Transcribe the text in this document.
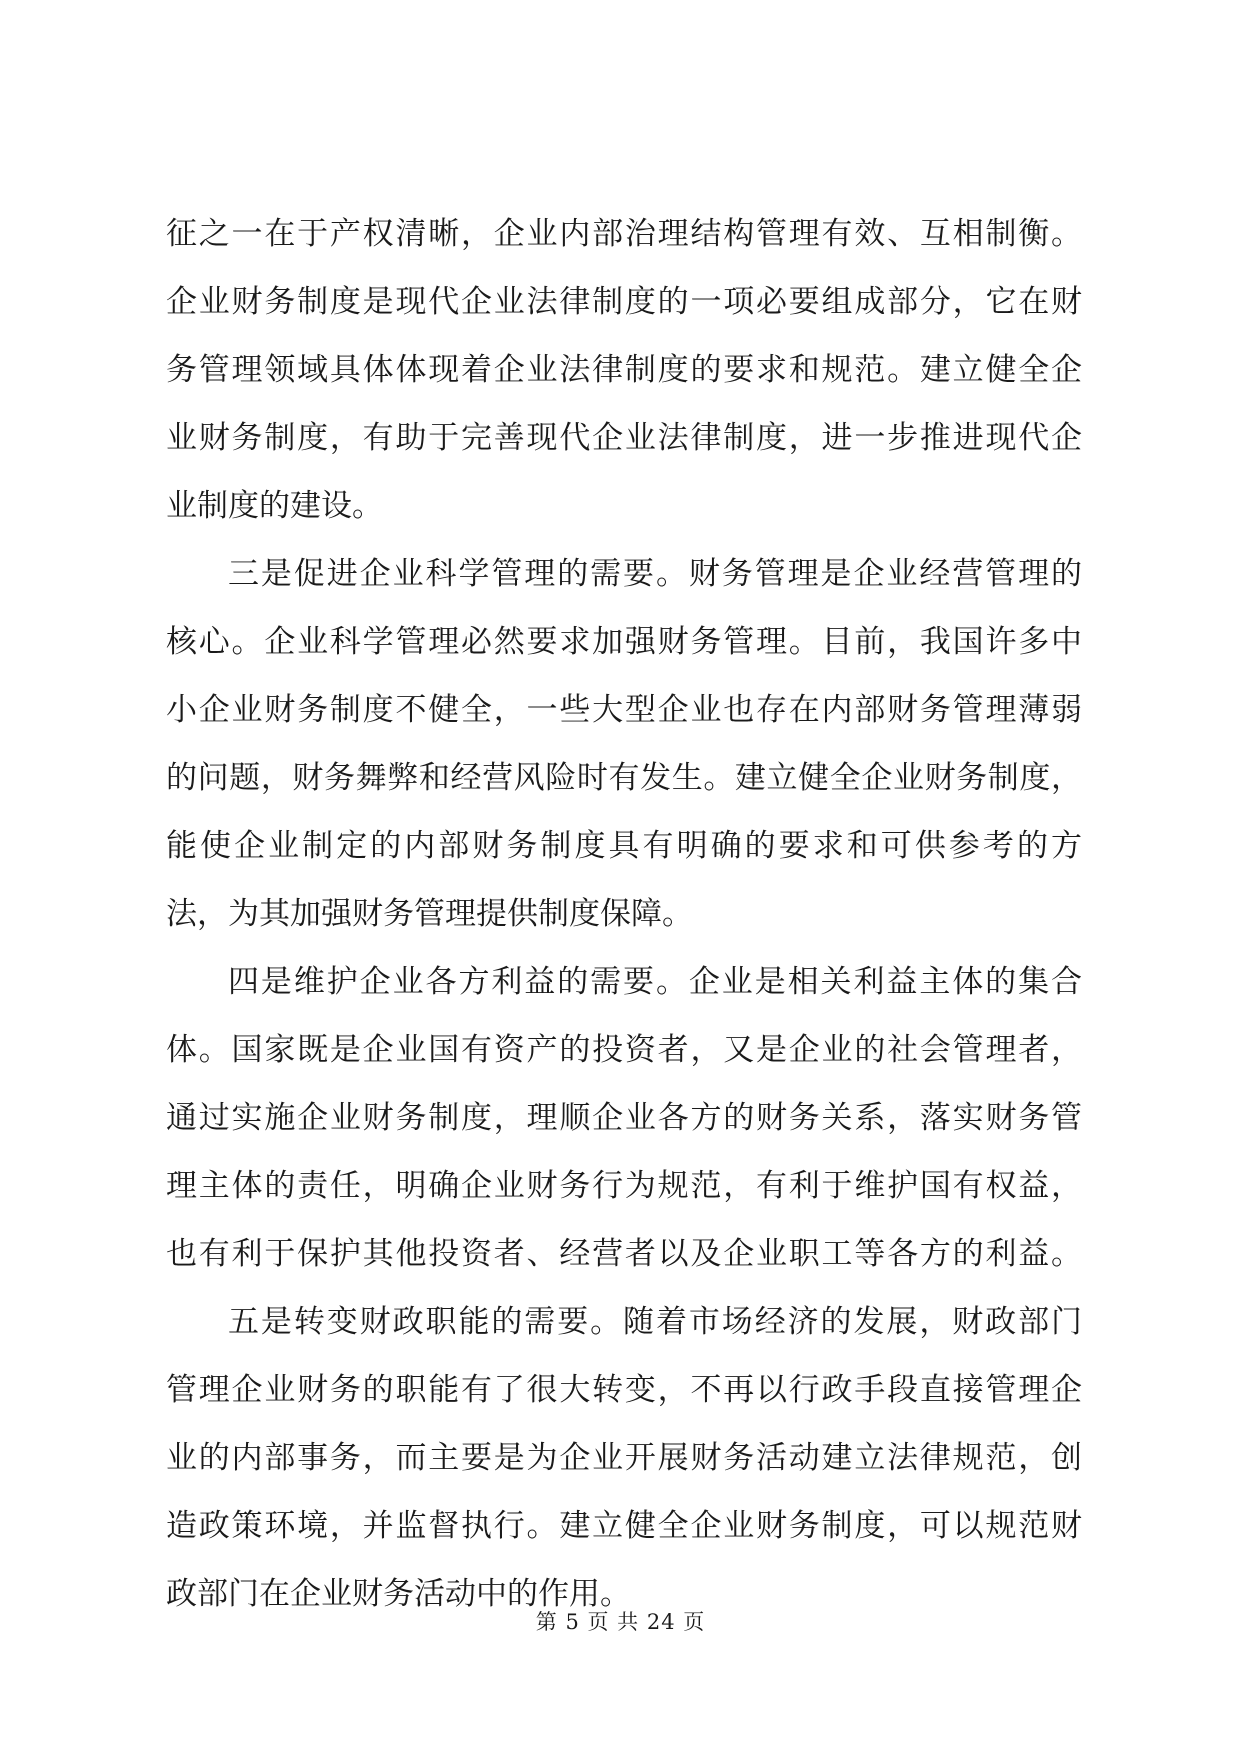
征之一在于产权清晰，企业内部治理结构管理有效、互相制衡。
企业财务制度是现代企业法律制度的一项必要组成部分，它在财
务管理领域具体体现着企业法律制度的要求和规范。建立健全企
业财务制度，有助于完善现代企业法律制度，进一步推进现代企
业制度的建设。
三是促进企业科学管理的需要。财务管理是企业经营管理的
核心。企业科学管理必然要求加强财务管理。目前，我国许多中
小企业财务制度不健全，一些大型企业也存在内部财务管理薄弱
的问题，财务舞弊和经营风险时有发生。建立健全企业财务制度，
能使企业制定的内部财务制度具有明确的要求和可供参考的方
法，为其加强财务管理提供制度保障。
四是维护企业各方利益的需要。企业是相关利益主体的集合
体。国家既是企业国有资产的投资者，又是企业的社会管理者，
通过实施企业财务制度，理顺企业各方的财务关系，落实财务管
理主体的责任，明确企业财务行为规范，有利于维护国有权益，
也有利于保护其他投资者、经营者以及企业职工等各方的利益。
五是转变财政职能的需要。随着市场经济的发展，财政部门
管理企业财务的职能有了很大转变，不再以行政手段直接管理企
业的内部事务，而主要是为企业开展财务活动建立法律规范，创
造政策环境，并监督执行。建立健全企业财务制度，可以规范财
政部门在企业财务活动中的作用。
第 5 页 共 24 页
